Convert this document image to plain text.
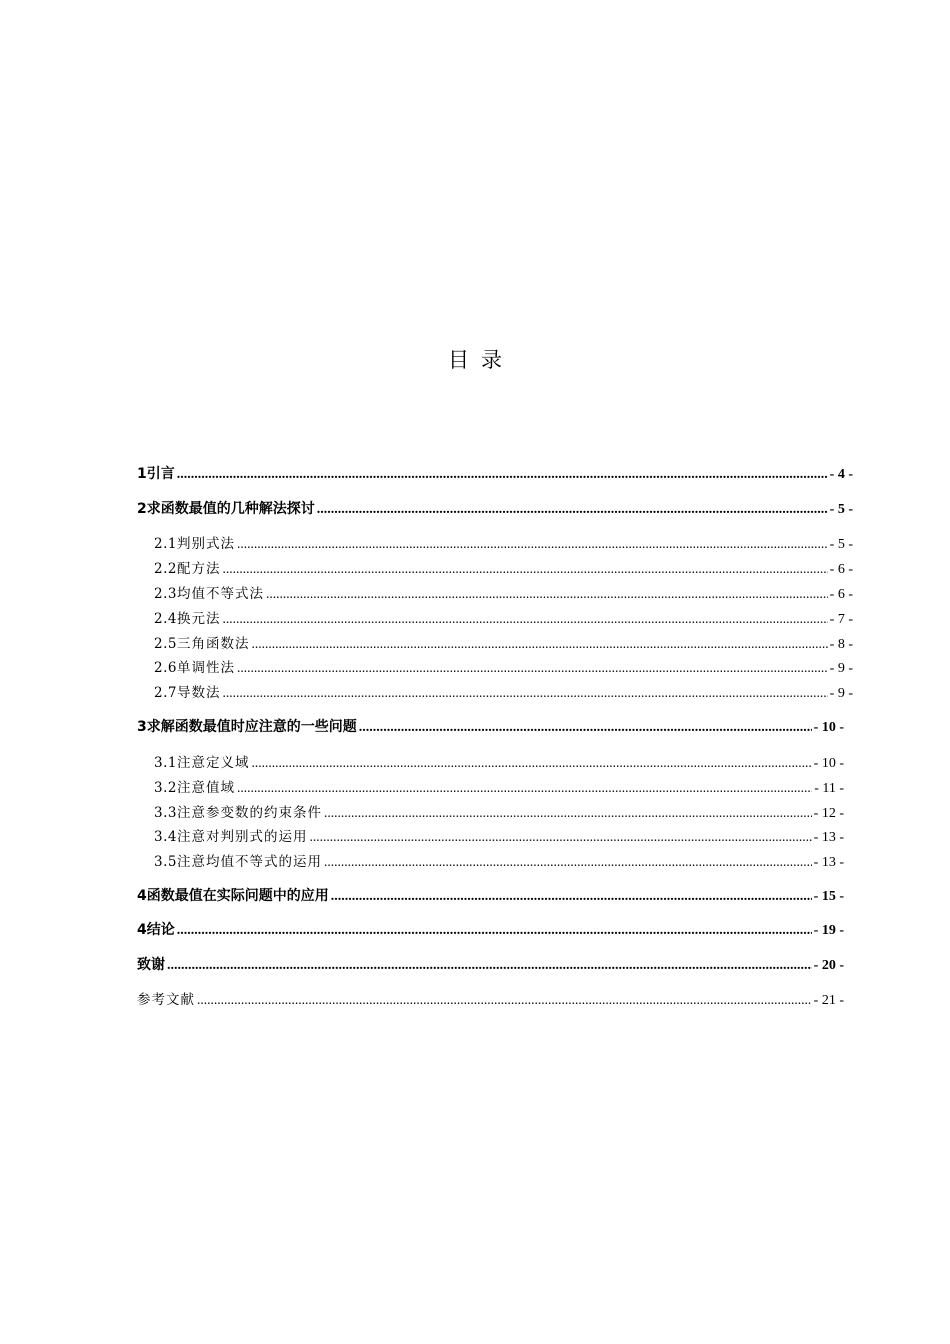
目录
1 引言 .....	- 4 -
2 求函数最值的几种解法探讨 .....	- 5 -
2.1 判别式法 .....	- 5 -
2.2 配方法 .....	- 6 -
2.3 均值不等式法 .....	- 6 -
2.4 换元法 .....	- 7 -
2.5 三角函数法 .....	- 8 -
2.6 单调性法 .....	- 9 -
2.7 导数法 .....	- 9 -
3 求解函数最值时应注意的一些问题 .....	- 10 -
3.1 注意定义域 .....	- 10 -
3.2 注意值域 .....	- 11 -
3.3 注意参变数的约束条件 .....	- 12 -
3.4 注意对判别式的运用 .....	- 13 -
3.5 注意均值不等式的运用 .....	- 13 -
4 函数最值在实际问题中的应用 .....	- 15 -
4 结论 .....	- 19 -
致谢 .....	- 20 -
参考文献 .....	- 21 -
